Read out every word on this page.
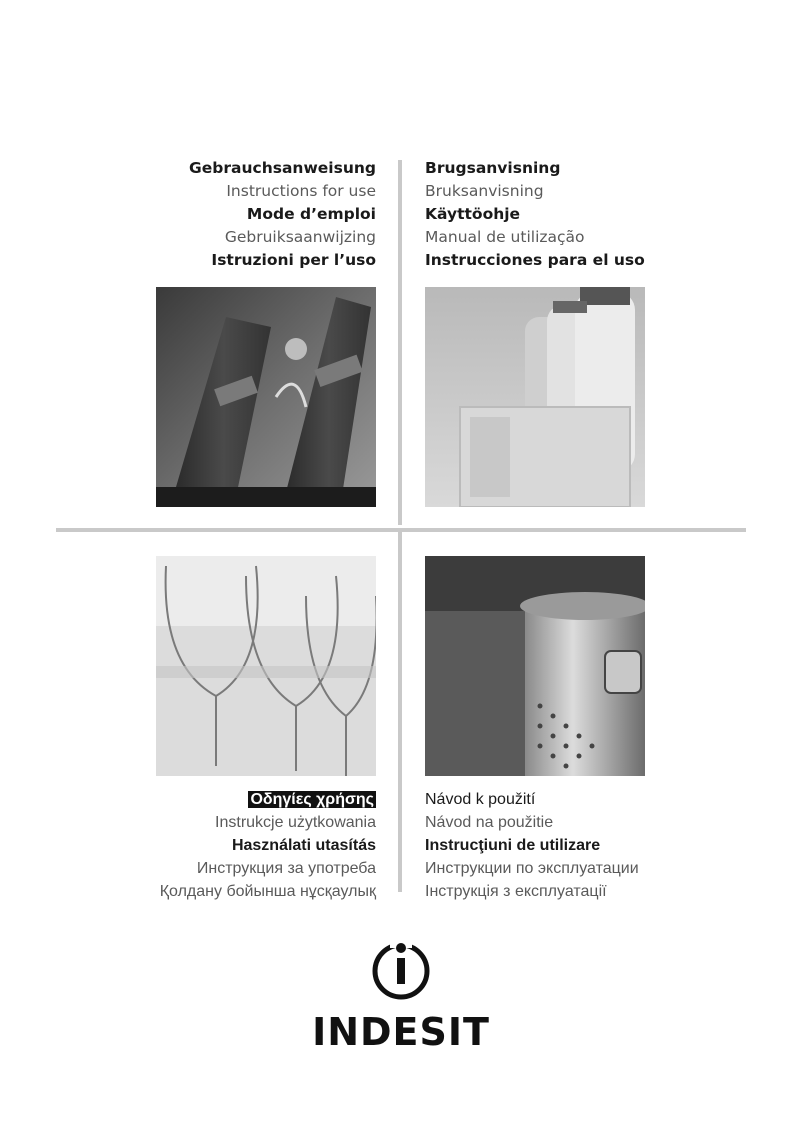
Gebrauchsanweisung
Instructions for use
Mode d’emploi
Gebruiksaanwijzing
Istruzioni per l’uso
Brugsanvisning
Bruksanvisning
Käyttöohje
Manual de utilização
Instrucciones para el uso
Οδηγίες χρήσης
Instrukcje użytkowania
Használati utasítás
Инструкция за употреба
Қолдану бойынша нұсқаулық
Návod k použití
Návod na použitie
Instrucţiuni de utilizare
Инструкции по эксплуатации
Інструкція з експлуатації
INDESIT
